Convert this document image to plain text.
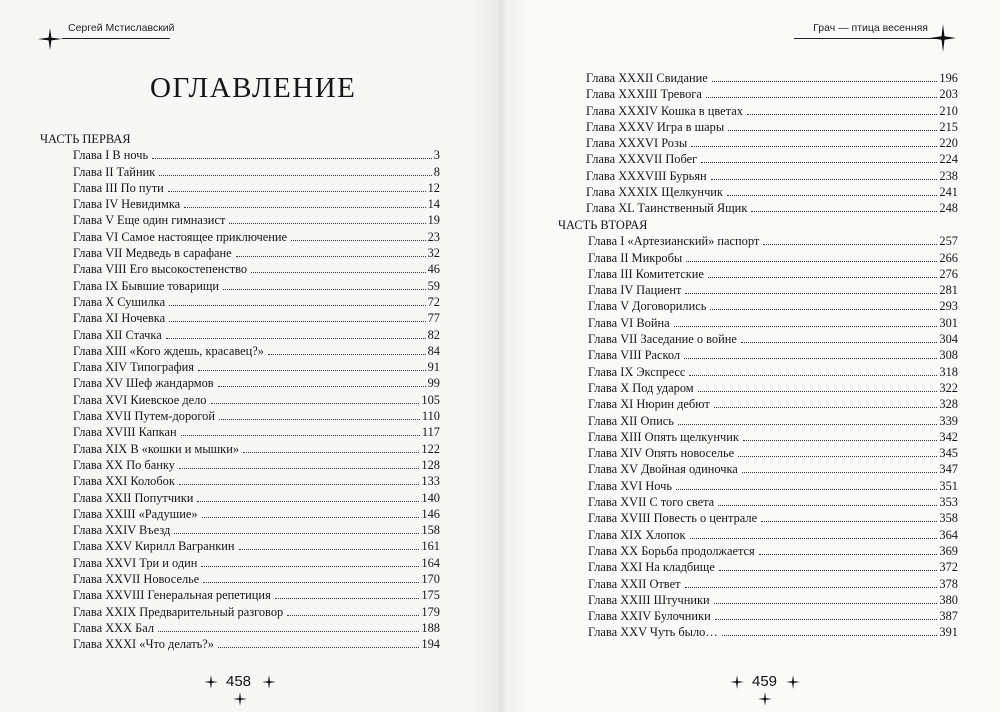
Сергей Мстиславский
ОГЛАВЛЕНИЕ
ЧАСТЬ ПЕРВАЯ
Глава I В ночь	3
Глава II Тайник	8
Глава III По пути	12
Глава IV Невидимка	14
Глава V Еще один гимназист	19
Глава VI Самое настоящее приключение	23
Глава VII Медведь в сарафане	32
Глава VIII Его высокостепенство	46
Глава IX Бывшие товарищи	59
Глава X Сушилка	72
Глава XI Ночевка	77
Глава XII Стачка	82
Глава XIII «Кого ждешь, красавец?»	84
Глава XIV Типография	91
Глава XV Шеф жандармов	99
Глава XVI Киевское дело	105
Глава XVII Путем-дорогой	110
Глава XVIII Капкан	117
Глава XIX В «кошки и мышки»	122
Глава XX По банку	128
Глава XXI Колобок	133
Глава XXII Попутчики	140
Глава XXIII «Радушие»	146
Глава XXIV Въезд	158
Глава XXV Кирилл Вагранкин	161
Глава XXVI Три и один	164
Глава XXVII Новоселье	170
Глава XXVIII Генеральная репетиция	175
Глава XXIX Предварительный разговор	179
Глава XXX Бал	188
Глава XXXI «Что делать?»	194
458
Грач — птица весенняя
Глава XXXII Свидание	196
Глава XXXIII Тревога	203
Глава XXXIV Кошка в цветах	210
Глава XXXV Игра в шары	215
Глава XXXVI Розы	220
Глава XXXVII Побег	224
Глава XXXVIII Бурьян	238
Глава XXXIX Щелкунчик	241
Глава XL Таинственный Ящик	248
ЧАСТЬ ВТОРАЯ
Глава I «Артезианский» паспорт	257
Глава II Микробы	266
Глава III Комитетские	276
Глава IV Пациент	281
Глава V Договорились	293
Глава VI Война	301
Глава VII Заседание о войне	304
Глава VIII Раскол	308
Глава IX Экспресс	318
Глава X Под ударом	322
Глава XI Нюрин дебют	328
Глава XII Опись	339
Глава XIII Опять щелкунчик	342
Глава XIV Опять новоселье	345
Глава XV Двойная одиночка	347
Глава XVI Ночь	351
Глава XVII С того света	353
Глава XVIII Повесть о централе	358
Глава XIX Хлопок	364
Глава XX Борьба продолжается	369
Глава XXI На кладбище	372
Глава XXII Ответ	378
Глава XXIII Штучники	380
Глава XXIV Булочники	387
Глава XXV Чуть было…	391
459
